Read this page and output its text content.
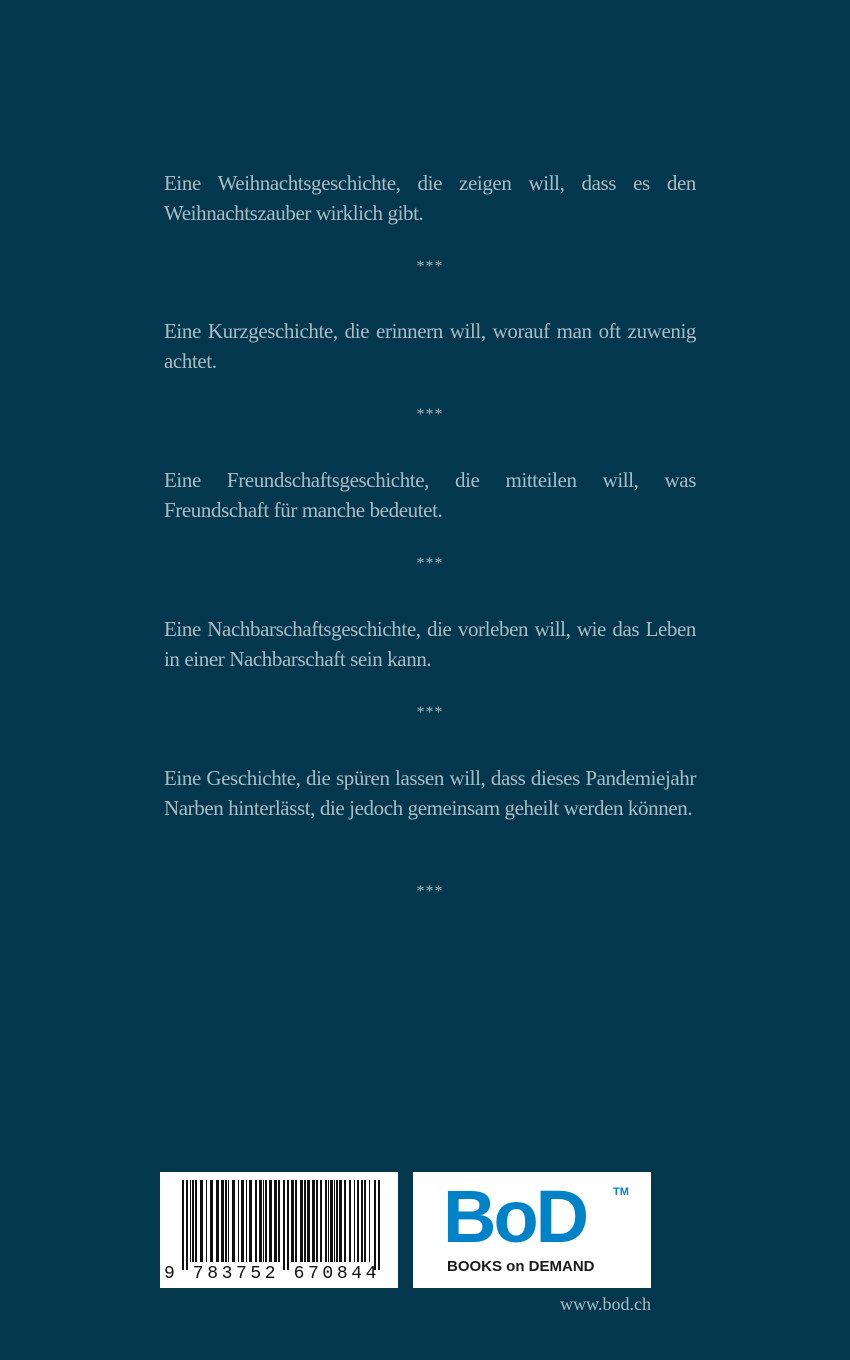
Eine Weihnachtsgeschichte, die zeigen will, dass es den Weihnachtszauber wirklich gibt.
***
Eine Kurzgeschichte, die erinnern will, worauf man oft zuwenig achtet.
***
Eine Freundschaftsgeschichte, die mitteilen will, was Freundschaft für manche bedeutet.
***
Eine Nachbarschaftsgeschichte, die vorleben will, wie das Leben in einer Nachbarschaft sein kann.
***
Eine Geschichte, die spüren lassen will, dass dieses Pandemiejahr Narben hinterlässt, die jedoch gemeinsam geheilt werden können.
***
9 783752 670844
BoD TM
BOOKS on DEMAND
www.bod.ch
